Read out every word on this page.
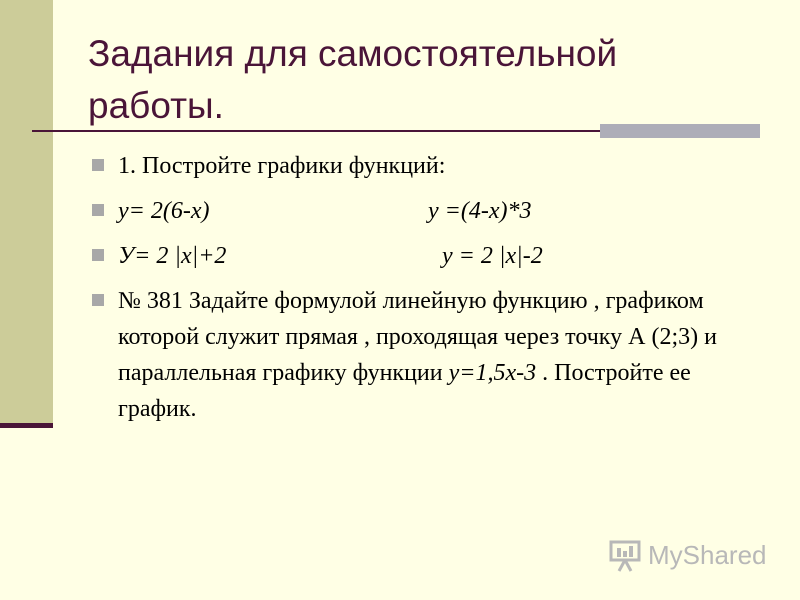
Задания для самостоятельной работы.
1. Постройте графики функций:
у= 2(6-х)	у =(4-х)*3
У= 2 |х|+2	у = 2 |х|-2
№ 381 Задайте формулой линейную функцию , графиком которой служит прямая , проходящая через точку А (2;3) и параллельная графику функции у=1,5х-3 . Постройте ее график.
MyShared
